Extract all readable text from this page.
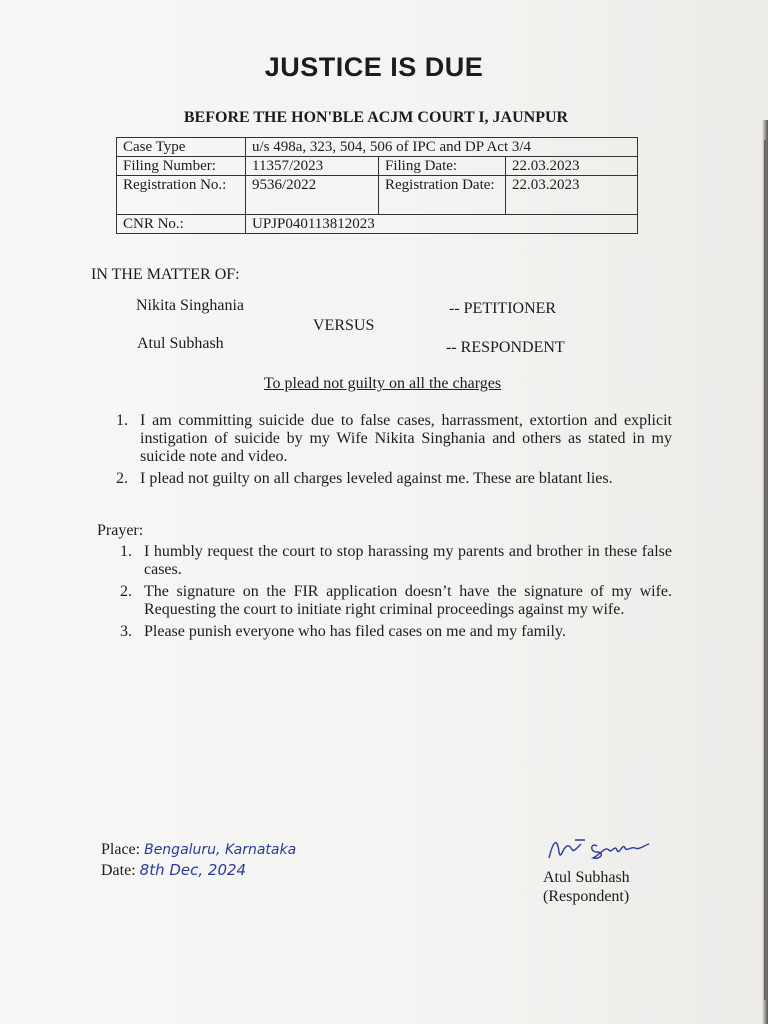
JUSTICE IS DUE
BEFORE THE HON'BLE ACJM COURT I, JAUNPUR
Case Type	u/s 498a, 323, 504, 506 of IPC and DP Act 3/4		
Filing Number:	11357/2023	Filing Date:	22.03.2023
Registration No.:	9536/2022	Registration Date:	22.03.2023
CNR No.:	UPJP040113812023		
IN THE MATTER OF:
Nikita Singhania	-- PETITIONER
VERSUS
Atul Subhash	-- RESPONDENT
To plead not guilty on all the charges
1. I am committing suicide due to false cases, harrassment, extortion and explicit instigation of suicide by my Wife Nikita Singhania and others as stated in my suicide note and video.
2. I plead not guilty on all charges leveled against me. These are blatant lies.
Prayer:
1. I humbly request the court to stop harassing my parents and brother in these false cases.
2. The signature on the FIR application doesn’t have the signature of my wife. Requesting the court to initiate right criminal proceedings against my wife.
3. Please punish everyone who has filed cases on me and my family.
Place: Bengaluru, Karnataka
Date: 8th Dec, 2024	Atul Subhash
(Respondent)
